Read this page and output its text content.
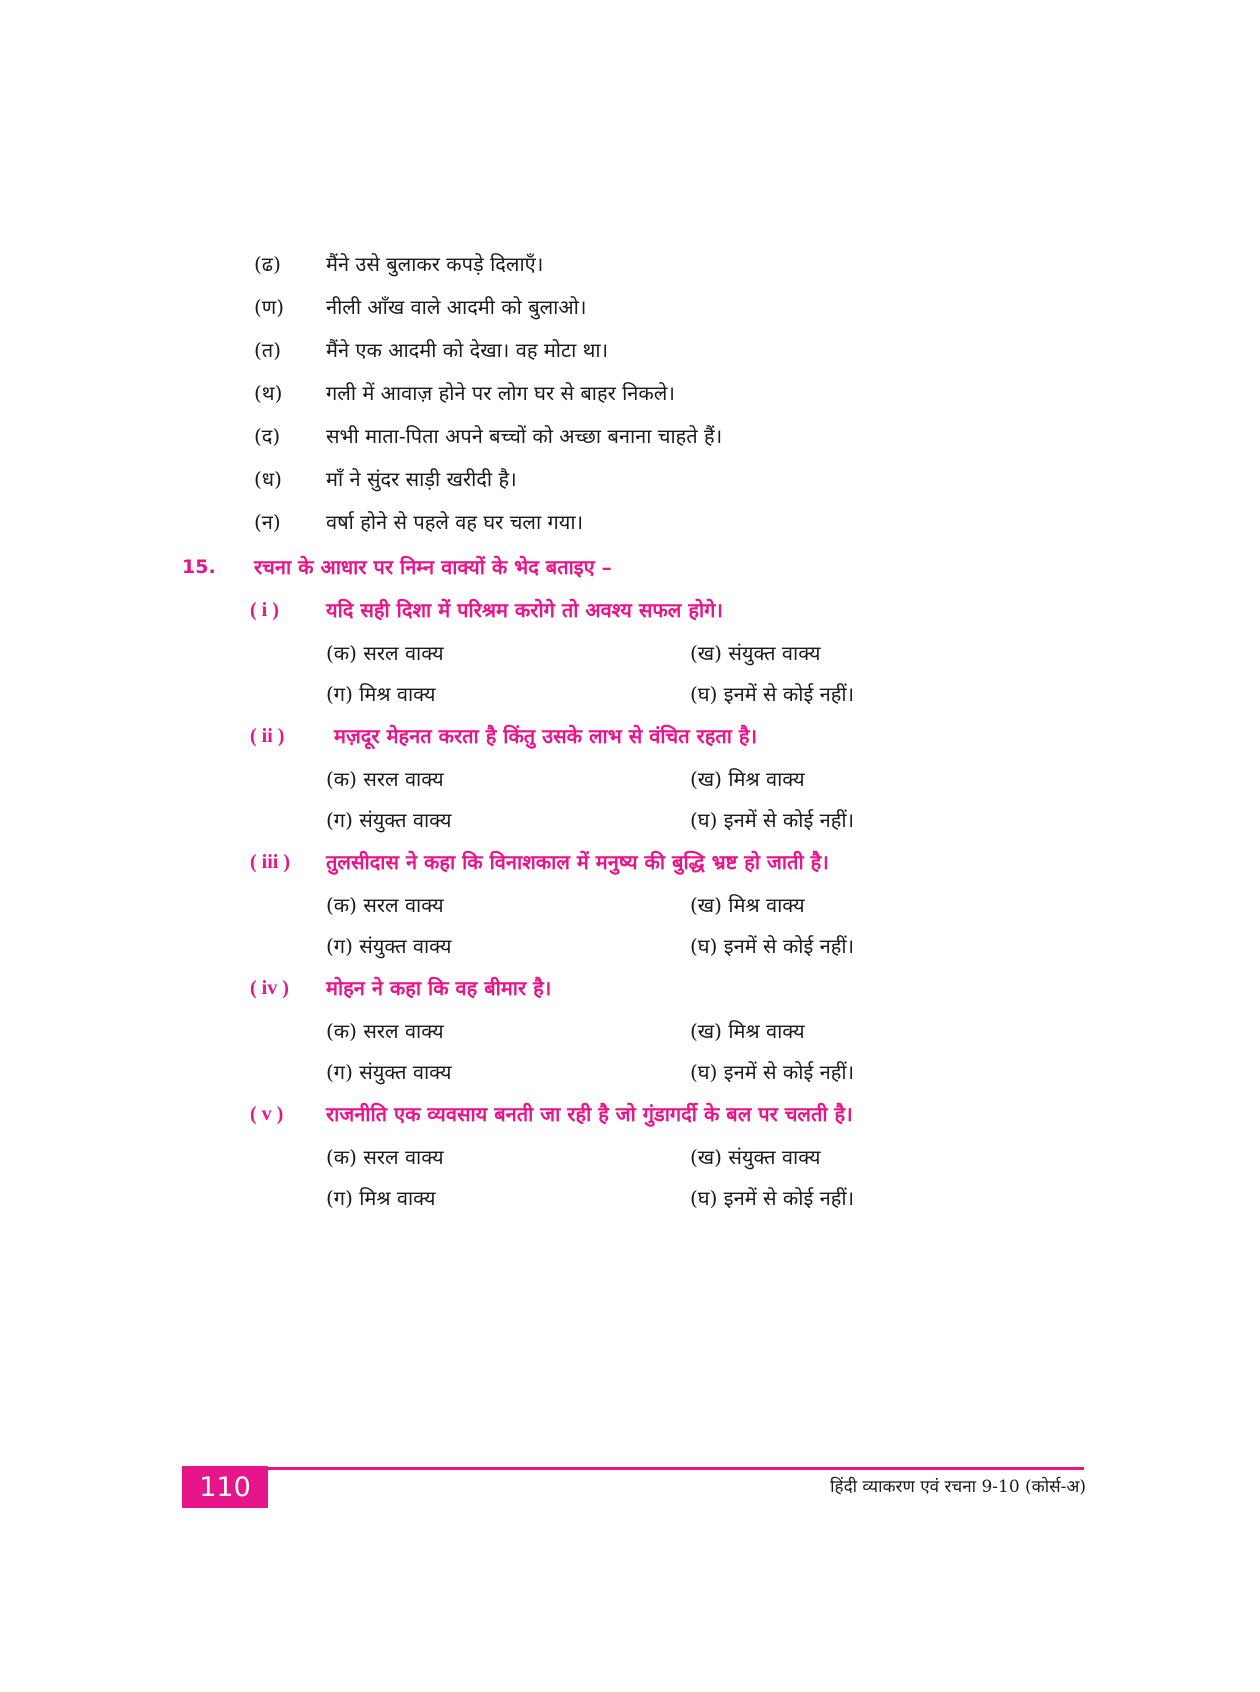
(ढ) मैंने उसे बुलाकर कपड़े दिलाएँ।
(ण) नीली आँख वाले आदमी को बुलाओ।
(त) मैंने एक आदमी को देखा। वह मोटा था।
(थ) गली में आवाज़ होने पर लोग घर से बाहर निकले।
(द) सभी माता-पिता अपने बच्चों को अच्छा बनाना चाहते हैं।
(ध) माँ ने सुंदर साड़ी खरीदी है।
(न) वर्षा होने से पहले वह घर चला गया।
15. रचना के आधार पर निम्न वाक्यों के भेद बताइए –
( i ) यदि सही दिशा में परिश्रम करोगे तो अवश्य सफल होगे।
(क) सरल वाक्य	(ख) संयुक्त वाक्य
(ग) मिश्र वाक्य	(घ) इनमें से कोई नहीं।
( ii ) मज़दूर मेहनत करता है किंतु उसके लाभ से वंचित रहता है।
(क) सरल वाक्य	(ख) मिश्र वाक्य
(ग) संयुक्त वाक्य	(घ) इनमें से कोई नहीं।
( iii ) तुलसीदास ने कहा कि विनाशकाल में मनुष्य की बुद्धि भ्रष्ट हो जाती है।
(क) सरल वाक्य	(ख) मिश्र वाक्य
(ग) संयुक्त वाक्य	(घ) इनमें से कोई नहीं।
( iv ) मोहन ने कहा कि वह बीमार है।
(क) सरल वाक्य	(ख) मिश्र वाक्य
(ग) संयुक्त वाक्य	(घ) इनमें से कोई नहीं।
( v ) राजनीति एक व्यवसाय बनती जा रही है जो गुंडागर्दी के बल पर चलती है।
(क) सरल वाक्य	(ख) संयुक्त वाक्य
(ग) मिश्र वाक्य	(घ) इनमें से कोई नहीं।
110	हिंदी व्याकरण एवं रचना 9-10 (कोर्स-अ)
